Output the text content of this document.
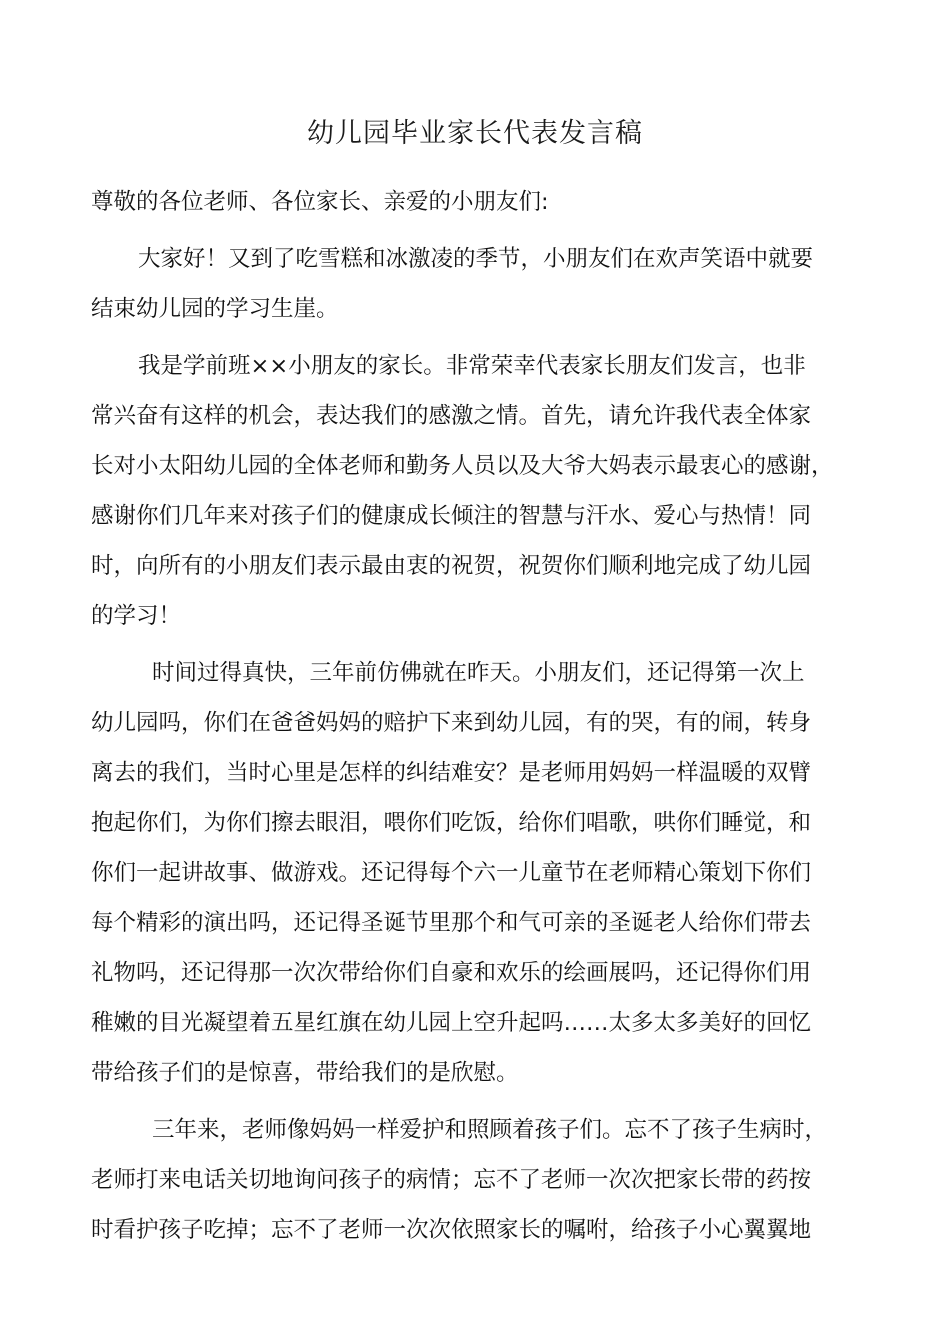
幼儿园毕业家长代表发言稿
尊敬的各位老师、各位家长、亲爱的小朋友们:
大家好！又到了吃雪糕和冰激凌的季节，小朋友们在欢声笑语中就要
结束幼儿园的学习生崖。
我是学前班××小朋友的家长。非常荣幸代表家长朋友们发言，也非
常兴奋有这样的机会，表达我们的感激之情。首先，请允许我代表全体家
长对小太阳幼儿园的全体老师和勤务人员以及大爷大妈表示最衷心的感谢，
感谢你们几年来对孩子们的健康成长倾注的智慧与汗水、爱心与热情！同
时，向所有的小朋友们表示最由衷的祝贺，祝贺你们顺利地完成了幼儿园
的学习！
时间过得真快，三年前仿佛就在昨天。小朋友们，还记得第一次上
幼儿园吗，你们在爸爸妈妈的赔护下来到幼儿园，有的哭，有的闹，转身
离去的我们，当时心里是怎样的纠结难安？是老师用妈妈一样温暖的双臂
抱起你们，为你们擦去眼泪，喂你们吃饭，给你们唱歌，哄你们睡觉，和
你们一起讲故事、做游戏。还记得每个六一儿童节在老师精心策划下你们
每个精彩的演出吗，还记得圣诞节里那个和气可亲的圣诞老人给你们带去
礼物吗，还记得那一次次带给你们自豪和欢乐的绘画展吗，还记得你们用
稚嫩的目光凝望着五星红旗在幼儿园上空升起吗……太多太多美好的回忆
带给孩子们的是惊喜，带给我们的是欣慰。
三年来，老师像妈妈一样爱护和照顾着孩子们。忘不了孩子生病时，
老师打来电话关切地询问孩子的病情；忘不了老师一次次把家长带的药按
时看护孩子吃掉；忘不了老师一次次依照家长的嘱咐，给孩子小心翼翼地
